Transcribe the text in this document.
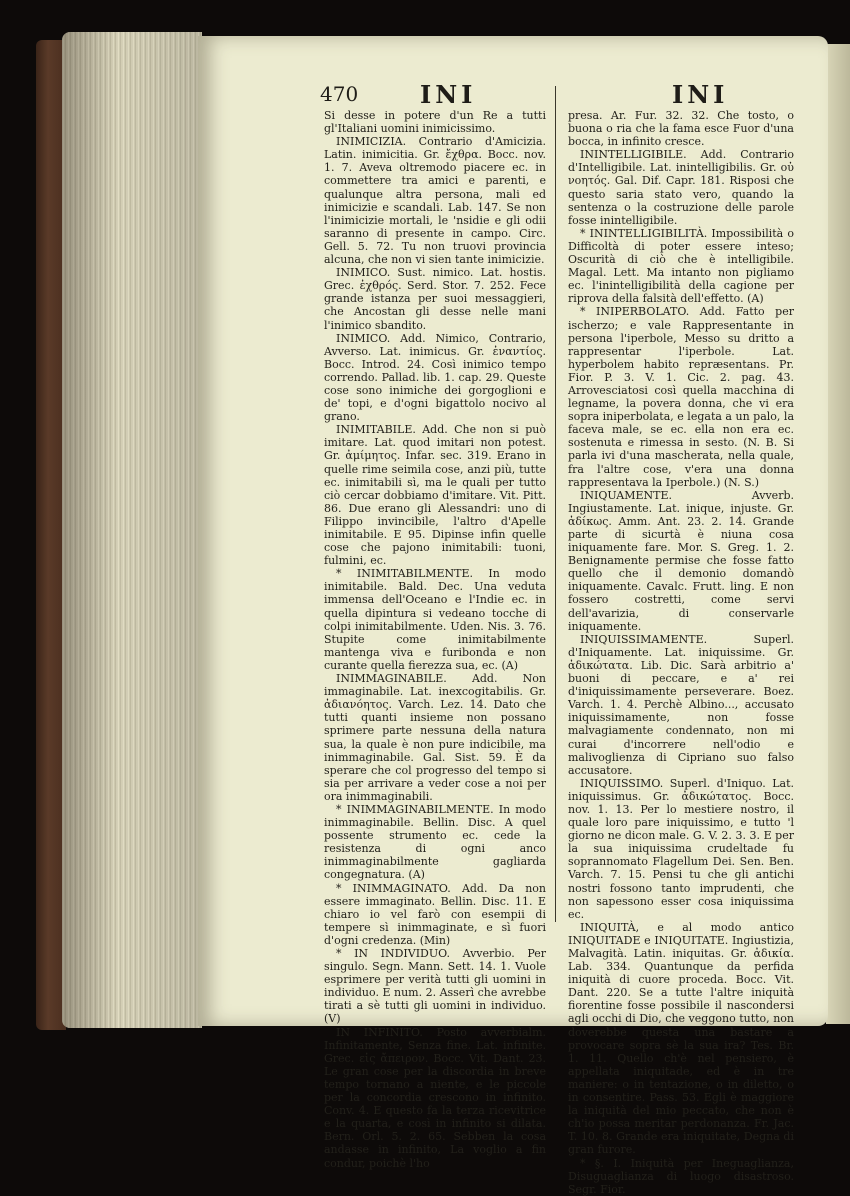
470	INI	INI

Si desse in potere d'un Re a tutti gl'Italiani uomini inimicissimo.

INIMICIZIA. Contrario d'Amicizia. Latin. inimicitia. Gr. ἔχθρα. Bocc. nov. 1. 7. Aveva oltremodo piacere ec. in commettere tra amici e parenti, e qualunque altra persona, mali ed inimicizie e scandali. Lab. 147. Se non l'inimicizie mortali, le 'nsidie e gli odii saranno di presente in campo. Circ. Gell. 5. 72. Tu non truovi provincia alcuna, che non vi sien tante inimicizie.

INIMICO. Sust. nimico. Lat. hostis. Grec. ἐχθρός. Serd. Stor. 7. 252. Fece grande istanza per suoi messaggieri, che Ancostan gli desse nelle mani l'inimico sbandito.

INIMICO. Add. Nimico, Contrario, Avverso. Lat. inimicus. Gr. ἐναντίος. Bocc. Introd. 24. Così inimico tempo correndo. Pallad. lib. 1. cap. 29. Queste cose sono inimiche dei gorgoglioni e de' topi, e d'ogni bigattolo nocivo al grano.

INIMITABILE. Add. Che non si può imitare. Lat. quod imitari non potest. Gr. ἀμίμητος. Infar. sec. 319. Erano in quelle rime seimila cose, anzi più, tutte ec. inimitabili sì, ma le quali per tutto ciò cercar dobbiamo d'imitare. Vit. Pitt. 86. Due erano gli Alessandri: uno di Filippo invincibile, l'altro d'Apelle inimitabile. E 95. Dipinse infin quelle cose che pajono inimitabili: tuoni, fulmini, ec.

* INIMITABILMENTE. In modo inimitabile. Bald. Dec. Una veduta immensa dell'Oceano e l'Indie ec. in quella dipintura si vedeano tocche di colpi inimitabilmente. Uden. Nis. 3. 76. Stupite come inimitabilmente mantenga viva e furibonda e non curante quella fierezza sua, ec. (A)

INIMMAGINABILE. Add. Non immaginabile. Lat. inexcogitabilis. Gr. ἀδιανόητος. Varch. Lez. 14. Dato che tutti quanti insieme non possano sprimere parte nessuna della natura sua, la quale è non pure indicibile, ma inimmaginabile. Gal. Sist. 59. È da sperare che col progresso del tempo si sia per arrivare a veder cose a noi per ora inimmaginabili.

* INIMMAGINABILMENTE. In modo inimmaginabile. Bellin. Disc. A quel possente strumento ec. cede la resistenza di ogni anco inimmaginabilmente gagliarda congegnatura. (A)

* INIMMAGINATO. Add. Da non essere immaginato. Bellin. Disc. 11. E chiaro io vel farò con esempii di tempere sì inimmaginate, e sì fuori d'ogni credenza. (Min)

* IN INDIVIDUO. Avverbio. Per singulo. Segn. Mann. Sett. 14. 1. Vuole esprimere per verità tutti gli uomini in individuo. E num. 2. Asserì che avrebbe tirati a sè tutti gli uomini in individuo. (V)

IN INFINITO. Posto avverbialm. Infinitamente, Senza fine. Lat. infinite. Grec. εἰς ἄπειρον. Bocc. Vit. Dant. 23. Le gran cose per la discordia in breve tempo tornano a niente, e le piccole per la concordia crescono in infinito. Conv. 4. E questo fa la terza ricevitrice e la quarta, e così in infinito si dilata. Bern. Orl. 5. 2. 65. Sebben la cosa andasse in infinito, La voglio a fin condur, poichè l'ho

presa. Ar. Fur. 32. 32. Che tosto, o buona o ria che la fama esce Fuor d'una bocca, in infinito cresce.

ININTELLIGIBILE. Add. Contrario d'Intelligibile. Lat. inintelligibilis. Gr. οὐ νοητός. Gal. Dif. Capr. 181. Risposi che questo saria stato vero, quando la sentenza o la costruzione delle parole fosse inintelligibile.

* ININTELLIGIBILITÀ. Impossibilità o Difficoltà di poter essere inteso; Oscurità di ciò che è intelligibile. Magal. Lett. Ma intanto non pigliamo ec. l'inintelligibilità della cagione per riprova della falsità dell'effetto. (A)

* INIPERBOLATO. Add. Fatto per ischerzo; e vale Rappresentante in persona l'iperbole, Messo su dritto a rappresentar l'iperbole. Lat. hyperbolem habito repræsentans. Pr. Fior. P. 3. V. 1. Cic. 2. pag. 43. Arrovesciatosi così quella macchina di legname, la povera donna, che vi era sopra iniperbolata, e legata a un palo, la faceva male, se ec. ella non era ec. sostenuta e rimessa in sesto. (N. B. Si parla ivi d'una mascherata, nella quale, fra l'altre cose, v'era una donna rappresentava la Iperbole.) (N. S.)

INIQUAMENTE. Avverb. Ingiustamente. Lat. inique, injuste. Gr. ἀδίκως. Amm. Ant. 23. 2. 14. Grande parte di sicurtà è niuna cosa iniquamente fare. Mor. S. Greg. 1. 2. Benignamente permise che fosse fatto quello che il demonio domandò iniquamente. Cavalc. Frutt. ling. E non fossero costretti, come servi dell'avarizia, di conservarle iniquamente.

INIQUISSIMAMENTE. Superl. d'Iniquamente. Lat. iniquissime. Gr. ἀδικώτατα. Lib. Dic. Sarà arbitrio a' buoni di peccare, e a' rei d'iniquissimamente perseverare. Boez. Varch. 1. 4. Perchè Albino..., accusato iniquissimamente, non fosse malvagiamente condennato, non mi curai d'incorrere nell'odio e malivoglienza di Cipriano suo falso accusatore.

INIQUISSIMO. Superl. d'Iniquo. Lat. iniquissimus. Gr. ἀδικώτατος. Bocc. nov. 1. 13. Per lo mestiere nostro, il quale loro pare iniquissimo, e tutto 'l giorno ne dicon male. G. V. 2. 3. 3. E per la sua iniquissima crudeltade fu soprannomato Flagellum Dei. Sen. Ben. Varch. 7. 15. Pensi tu che gli antichi nostri fossono tanto imprudenti, che non sapessono esser cosa iniquissima ec.

INIQUITÀ, e al modo antico INIQUITADE e INIQUITATE. Ingiustizia, Malvagità. Latin. iniquitas. Gr. ἀδικία. Lab. 334. Quantunque da perfida iniquità di cuore proceda. Bocc. Vit. Dant. 220. Se a tutte l'altre iniquità fiorentine fosse possibile il nascondersi agli occhi di Dio, che veggono tutto, non doverebbe questa una bastare a provocare sopra sè la sua ira? Tes. Br. 1. 11. Quello ch'è nel pensiero, è appellata iniquitade, ed è in tre maniere: o in tentazione, o in diletto, o in consentire. Pass. 53. Egli è maggiore la iniquità del mio peccato, che non è ch'io possa meritar perdonanza. Fr. Jac. T. 10. 8. Grande era iniquitate, Degna di gran furore.

* §. I. Iniquità per Ineguaglianza, Disuguaglianza di luogo disastroso. Segr. Fior.
